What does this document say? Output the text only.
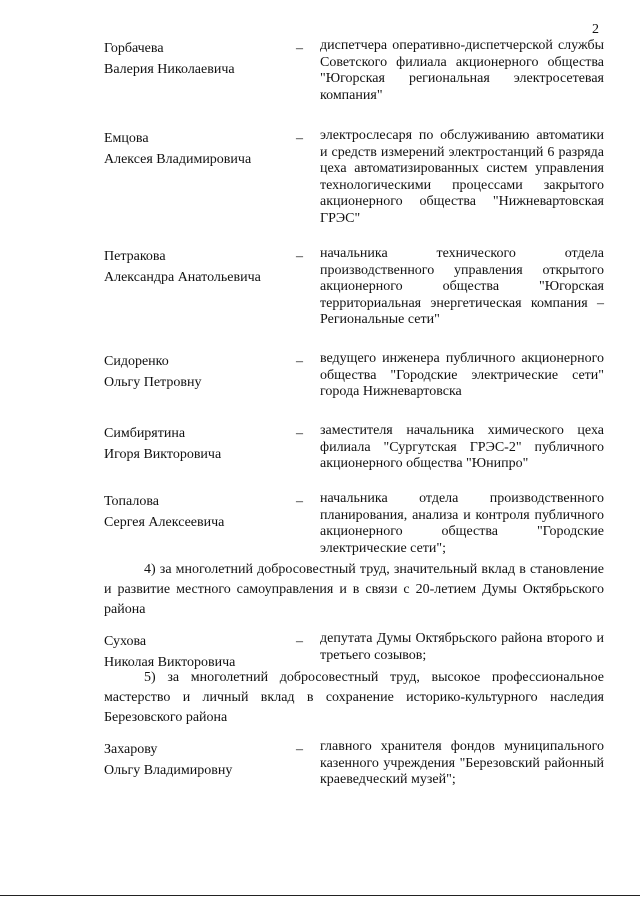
2
Горбачева
Валерия Николаевича
– диспетчера оперативно-диспетчерской службы Советского филиала акционерного общества "Югорская региональная электросетевая компания"
Емцова
Алексея Владимировича
– электрослесаря по обслуживанию автоматики и средств измерений электростанций 6 разряда цеха автоматизированных систем управления технологическими процессами закрытого акционерного общества "Нижневартовская ГРЭС"
Петракова
Александра Анатольевича
– начальника технического отдела производственного управления открытого акционерного общества "Югорская территориальная энергетическая компания – Региональные сети"
Сидоренко
Ольгу Петровну
– ведущего инженера публичного акционерного общества "Городские электрические сети" города Нижневартовска
Симбирятина
Игоря Викторовича
– заместителя начальника химического цеха филиала "Сургутская ГРЭС-2" публичного акционерного общества "Юнипро"
Топалова
Сергея Алексеевича
– начальника отдела производственного планирования, анализа и контроля публичного акционерного общества "Городские электрические сети";
4) за многолетний добросовестный труд, значительный вклад в становление и развитие местного самоуправления и в связи с 20-летием Думы Октябрьского района
Сухова
Николая Викторовича
– депутата Думы Октябрьского района второго и третьего созывов;
5) за многолетний добросовестный труд, высокое профессиональное мастерство и личный вклад в сохранение историко-культурного наследия Березовского района
Захарову
Ольгу Владимировну
– главного хранителя фондов муниципального казенного учреждения "Березовский районный краеведческий музей";
